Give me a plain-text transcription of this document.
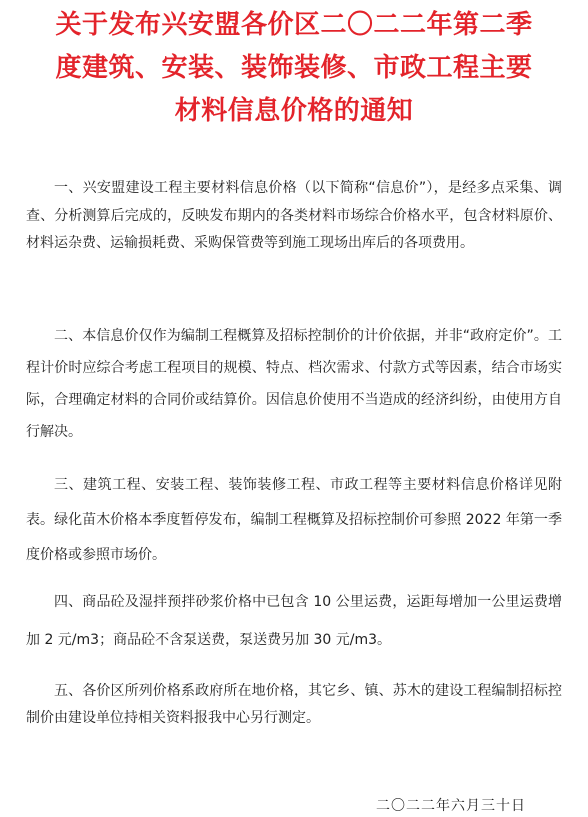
关于发布兴安盟各价区二〇二二年第二季
度建筑、安装、装饰装修、市政工程主要
材料信息价格的通知

一、兴安盟建设工程主要材料信息价格（以下简称“信息价”），是经多点采集、调查、分析测算后完成的，反映发布期内的各类材料市场综合价格水平，包含材料原价、材料运杂费、运输损耗费、采购保管费等到施工现场出库后的各项费用。

二、本信息价仅作为编制工程概算及招标控制价的计价依据，并非“政府定价”。工程计价时应综合考虑工程项目的规模、特点、档次需求、付款方式等因素，结合市场实际，合理确定材料的合同价或结算价。因信息价使用不当造成的经济纠纷，由使用方自行解决。

三、建筑工程、安装工程、装饰装修工程、市政工程等主要材料信息价格详见附表。绿化苗木价格本季度暂停发布，编制工程概算及招标控制价可参照 2022 年第一季度价格或参照市场价。

四、商品砼及湿拌预拌砂浆价格中已包含 10 公里运费，运距每增加一公里运费增加 2 元/m3；商品砼不含泵送费，泵送费另加 30 元/m3。

五、各价区所列价格系政府所在地价格，其它乡、镇、苏木的建设工程编制招标控制价由建设单位持相关资料报我中心另行测定。

二〇二二年六月三十日
